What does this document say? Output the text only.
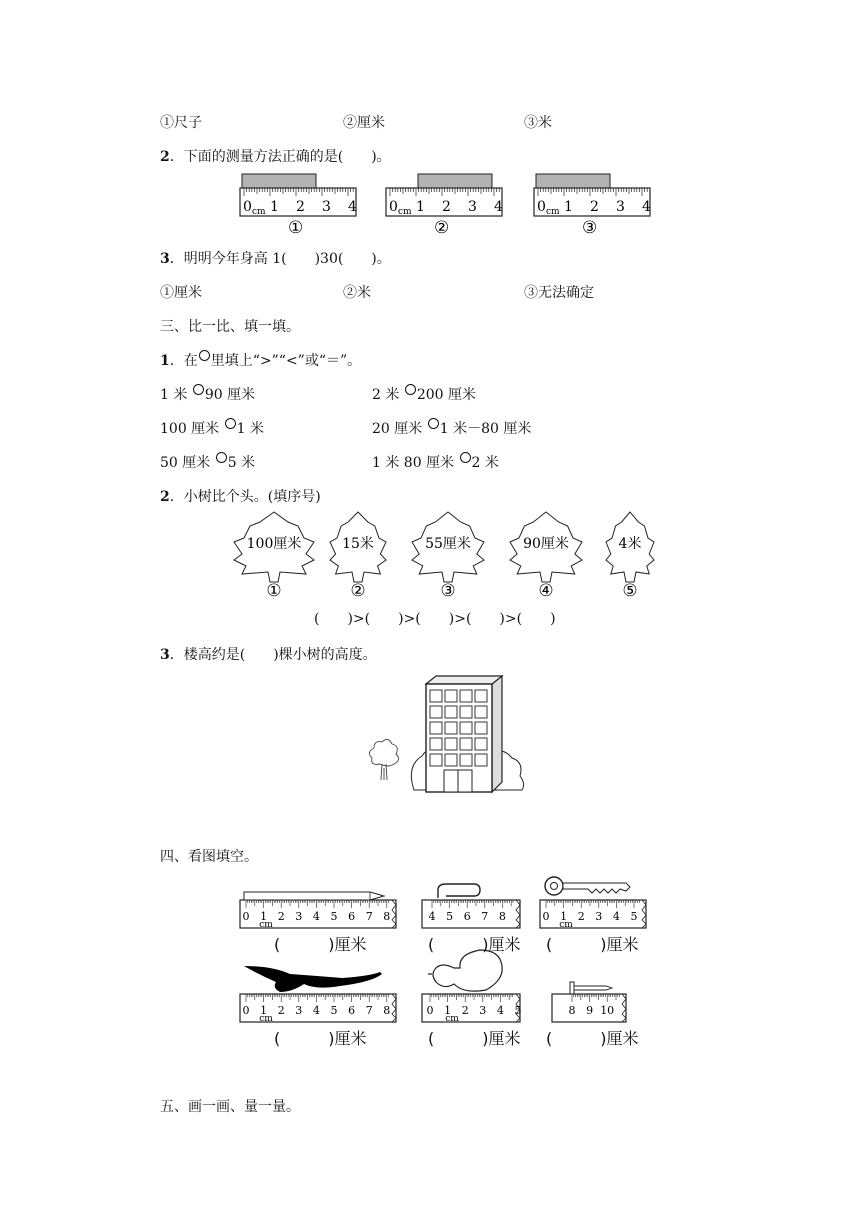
①尺子	②厘米	③米
2．下面的测量方法正确的是(　　)。
0 cm 1 2 3 4
①
0 cm 1 2 3 4
②
0 cm 1 2 3 4
③
3．明明今年身高 1(　　)30(　　)。
①厘米	②米	③无法确定
三、比一比、填一填。
1．在 里填上“>”“<”或“＝”。
1 米 90 厘米	2 米 200 厘米
100 厘米 1 米	20 厘米 1 米－80 厘米
50 厘米 5 米	1 米 80 厘米 2 米
2．小树比个头。(填序号)
100厘米
①
15米
②
55厘米
③
90厘米
④
4米
⑤
(　　)>(　　)>(　　)>(　　)>(　　)
3．楼高约是(　　)棵小树的高度。
四、看图填空。
0 1 2 3 4 5 6 7 8
cm
4 5 6 7 8	0 1 2 3 4 5
cm
0 1 2 3 4 5 6 7 8
cm
0 1 2 3 4 5
cm
8 9 10
(　　　)厘米	(　　　)厘米 (　　　)厘米
(　　　)厘米	(　　　)厘米 (　　　)厘米
五、画一画、量一量。
